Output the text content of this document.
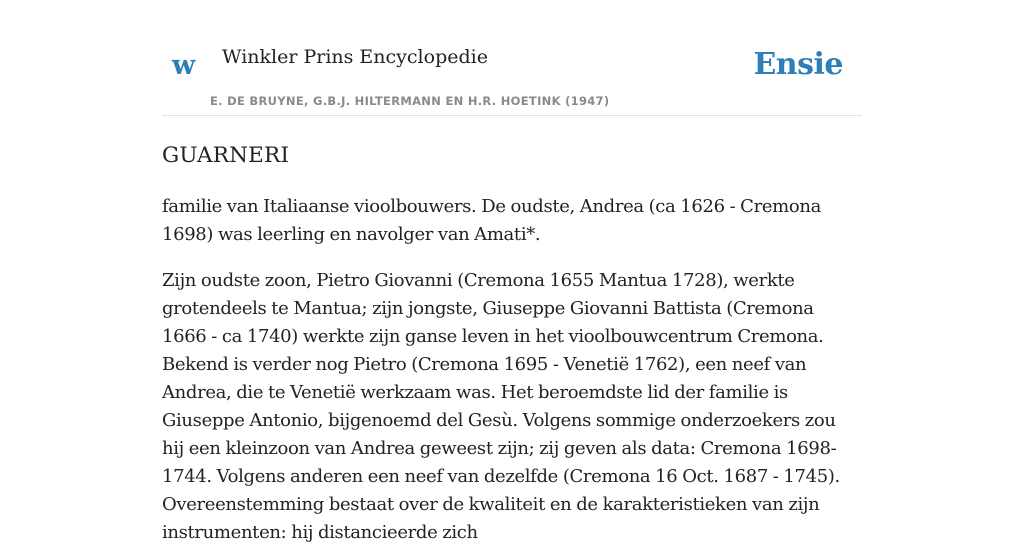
w Winkler Prins Encyclopedie
E. DE BRUYNE, G.B.J. HILTERMANN EN H.R. HOETINK (1947)
Ensie
GUARNERI

familie van Italiaanse vioolbouwers. De oudste, Andrea (ca 1626 - Cremona 1698) was leerling en navolger van Amati*.

Zijn oudste zoon, Pietro Giovanni (Cremona 1655 Mantua 1728), werkte grotendeels te Mantua; zijn jongste, Giuseppe Giovanni Battista (Cremona 1666 - ca 1740) werkte zijn ganse leven in het vioolbouwcentrum Cremona. Bekend is verder nog Pietro (Cremona 1695 - Venetië 1762), een neef van Andrea, die te Venetië werkzaam was. Het beroemdste lid der familie is Giuseppe Antonio, bijgenoemd del Gesù. Volgens sommige onderzoekers zou hij een kleinzoon van Andrea geweest zijn; zij geven als data: Cremona 1698-1744. Volgens anderen een neef van dezelfde (Cremona 16 Oct. 1687 - 1745). Overeenstemming bestaat over de kwaliteit en de karakteristieken van zijn instrumenten: hij distancieerde zich
